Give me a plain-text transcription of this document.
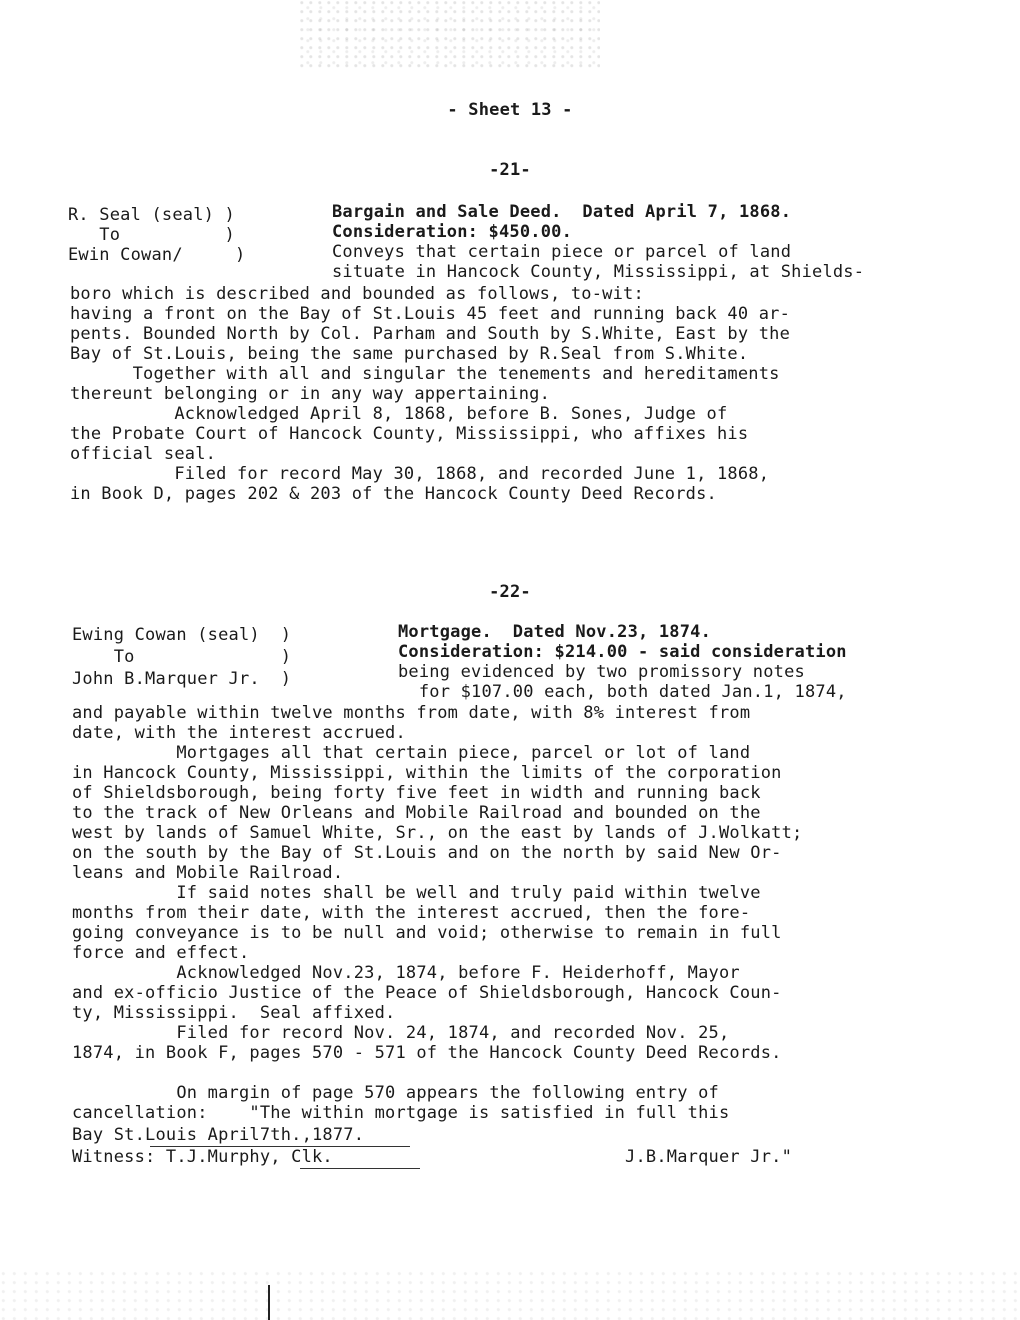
- Sheet 13 -
-21-
R. Seal (seal) )
To          )
Ewin Cowan/     )
Bargain and Sale Deed.  Dated April 7, 1868.
Consideration: $450.00.
Conveys that certain piece or parcel of land
situate in Hancock County, Mississippi, at Shields-
boro which is described and bounded as follows, to-wit:
having a front on the Bay of St.Louis 45 feet and running back 40 ar-
pents. Bounded North by Col. Parham and South by S.White, East by the
Bay of St.Louis, being the same purchased by R.Seal from S.White.
Together with all and singular the tenements and hereditaments
thereunt belonging or in any way appertaining.
Acknowledged April 8, 1868, before B. Sones, Judge of
the Probate Court of Hancock County, Mississippi, who affixes his
official seal.
Filed for record May 30, 1868, and recorded June 1, 1868,
in Book D, pages 202 & 203 of the Hancock County Deed Records.
-22-
Ewing Cowan (seal)  )
To              )
John B.Marquer Jr.  )
Mortgage.  Dated Nov.23, 1874.
Consideration: $214.00 - said consideration
being evidenced by two promissory notes
for $107.00 each, both dated Jan.1, 1874,
and payable within twelve months from date, with 8% interest from
date, with the interest accrued.
Mortgages all that certain piece, parcel or lot of land
in Hancock County, Mississippi, within the limits of the corporation
of Shieldsborough, being forty five feet in width and running back
to the track of New Orleans and Mobile Railroad and bounded on the
west by lands of Samuel White, Sr., on the east by lands of J.Wolkatt;
on the south by the Bay of St.Louis and on the north by said New Or-
leans and Mobile Railroad.
If said notes shall be well and truly paid within twelve
months from their date, with the interest accrued, then the fore-
going conveyance is to be null and void; otherwise to remain in full
force and effect.
Acknowledged Nov.23, 1874, before F. Heiderhoff, Mayor
and ex-officio Justice of the Peace of Shieldsborough, Hancock Coun-
ty, Mississippi.  Seal affixed.
Filed for record Nov. 24, 1874, and recorded Nov. 25,
1874, in Book F, pages 570 - 571 of the Hancock County Deed Records.
On margin of page 570 appears the following entry of
cancellation:    "The within mortgage is satisfied in full this
Bay St.Louis April7th.,1877.
Witness: T.J.Murphy, Clk.                            J.B.Marquer Jr."
